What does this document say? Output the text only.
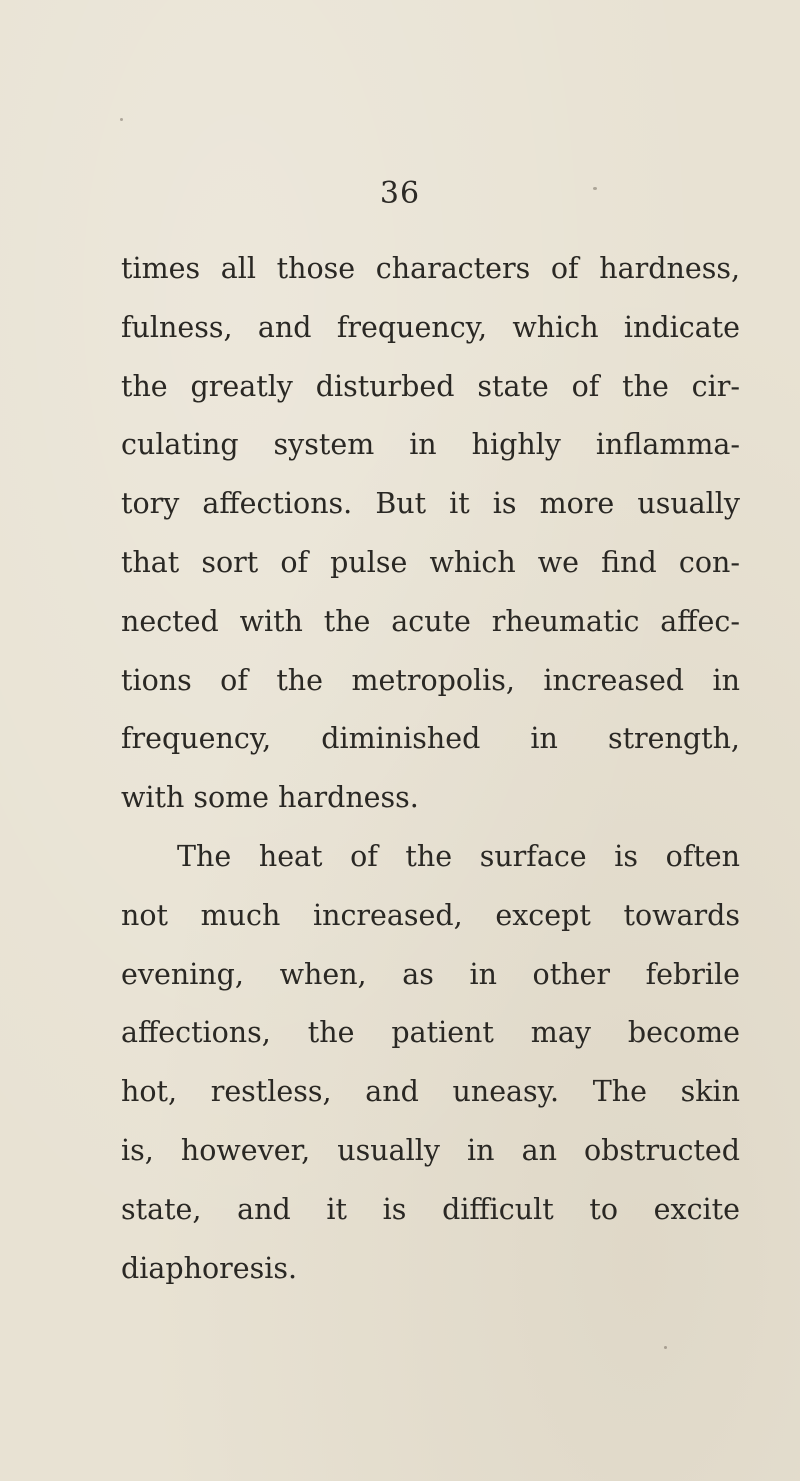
36
times all those characters of hardness,
fulness, and frequency, which indicate
the greatly disturbed state of the cir-
culating system in highly inflamma-
tory affections. But it is more usually
that sort of pulse which we find con-
nected with the acute rheumatic affec-
tions of the metropolis, increased in
frequency, diminished in strength,
with some hardness.
The heat of the surface is often
not much increased, except towards
evening, when, as in other febrile
affections, the patient may become
hot, restless, and uneasy. The skin
is, however, usually in an obstructed
state, and it is difficult to excite
diaphoresis.
